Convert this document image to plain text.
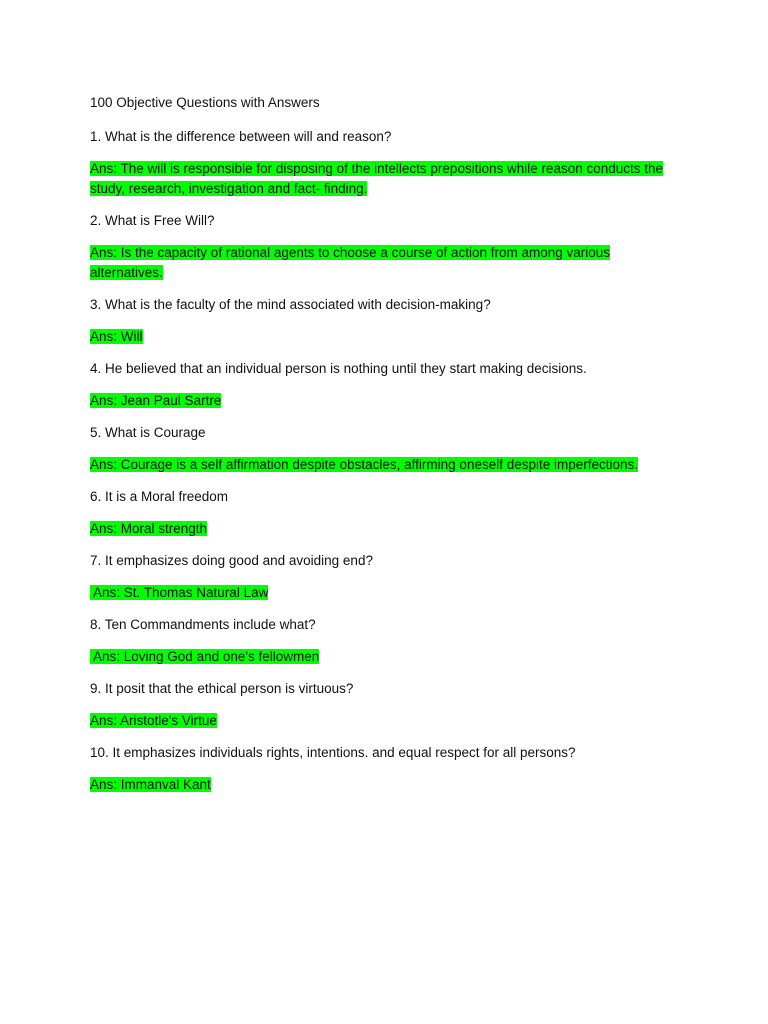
100 Objective Questions with Answers
1. What is the difference between will and reason?
Ans: The will is responsible for disposing of the intellects prepositions while reason conducts the study, research, investigation and fact- finding.
2. What is Free Will?
Ans: Is the capacity of rational agents to choose a course of action from among various alternatives.
3. What is the faculty of the mind associated with decision-making?
Ans: Will
4. He believed that an individual person is nothing until they start making decisions.
Ans: Jean Paul Sartre
5. What is Courage
Ans: Courage is a self affirmation despite obstacles, affirming oneself despite imperfections.
6. It is a Moral freedom
Ans: Moral strength
7. It emphasizes doing good and avoiding end?
Ans: St. Thomas Natural Law
8. Ten Commandments include what?
Ans: Loving God and one's fellowmen
9. It posit that the ethical person is virtuous?
Ans: Aristotle's Virtue
10. It emphasizes individuals rights, intentions. and equal respect for all persons?
Ans: Immanval Kant
